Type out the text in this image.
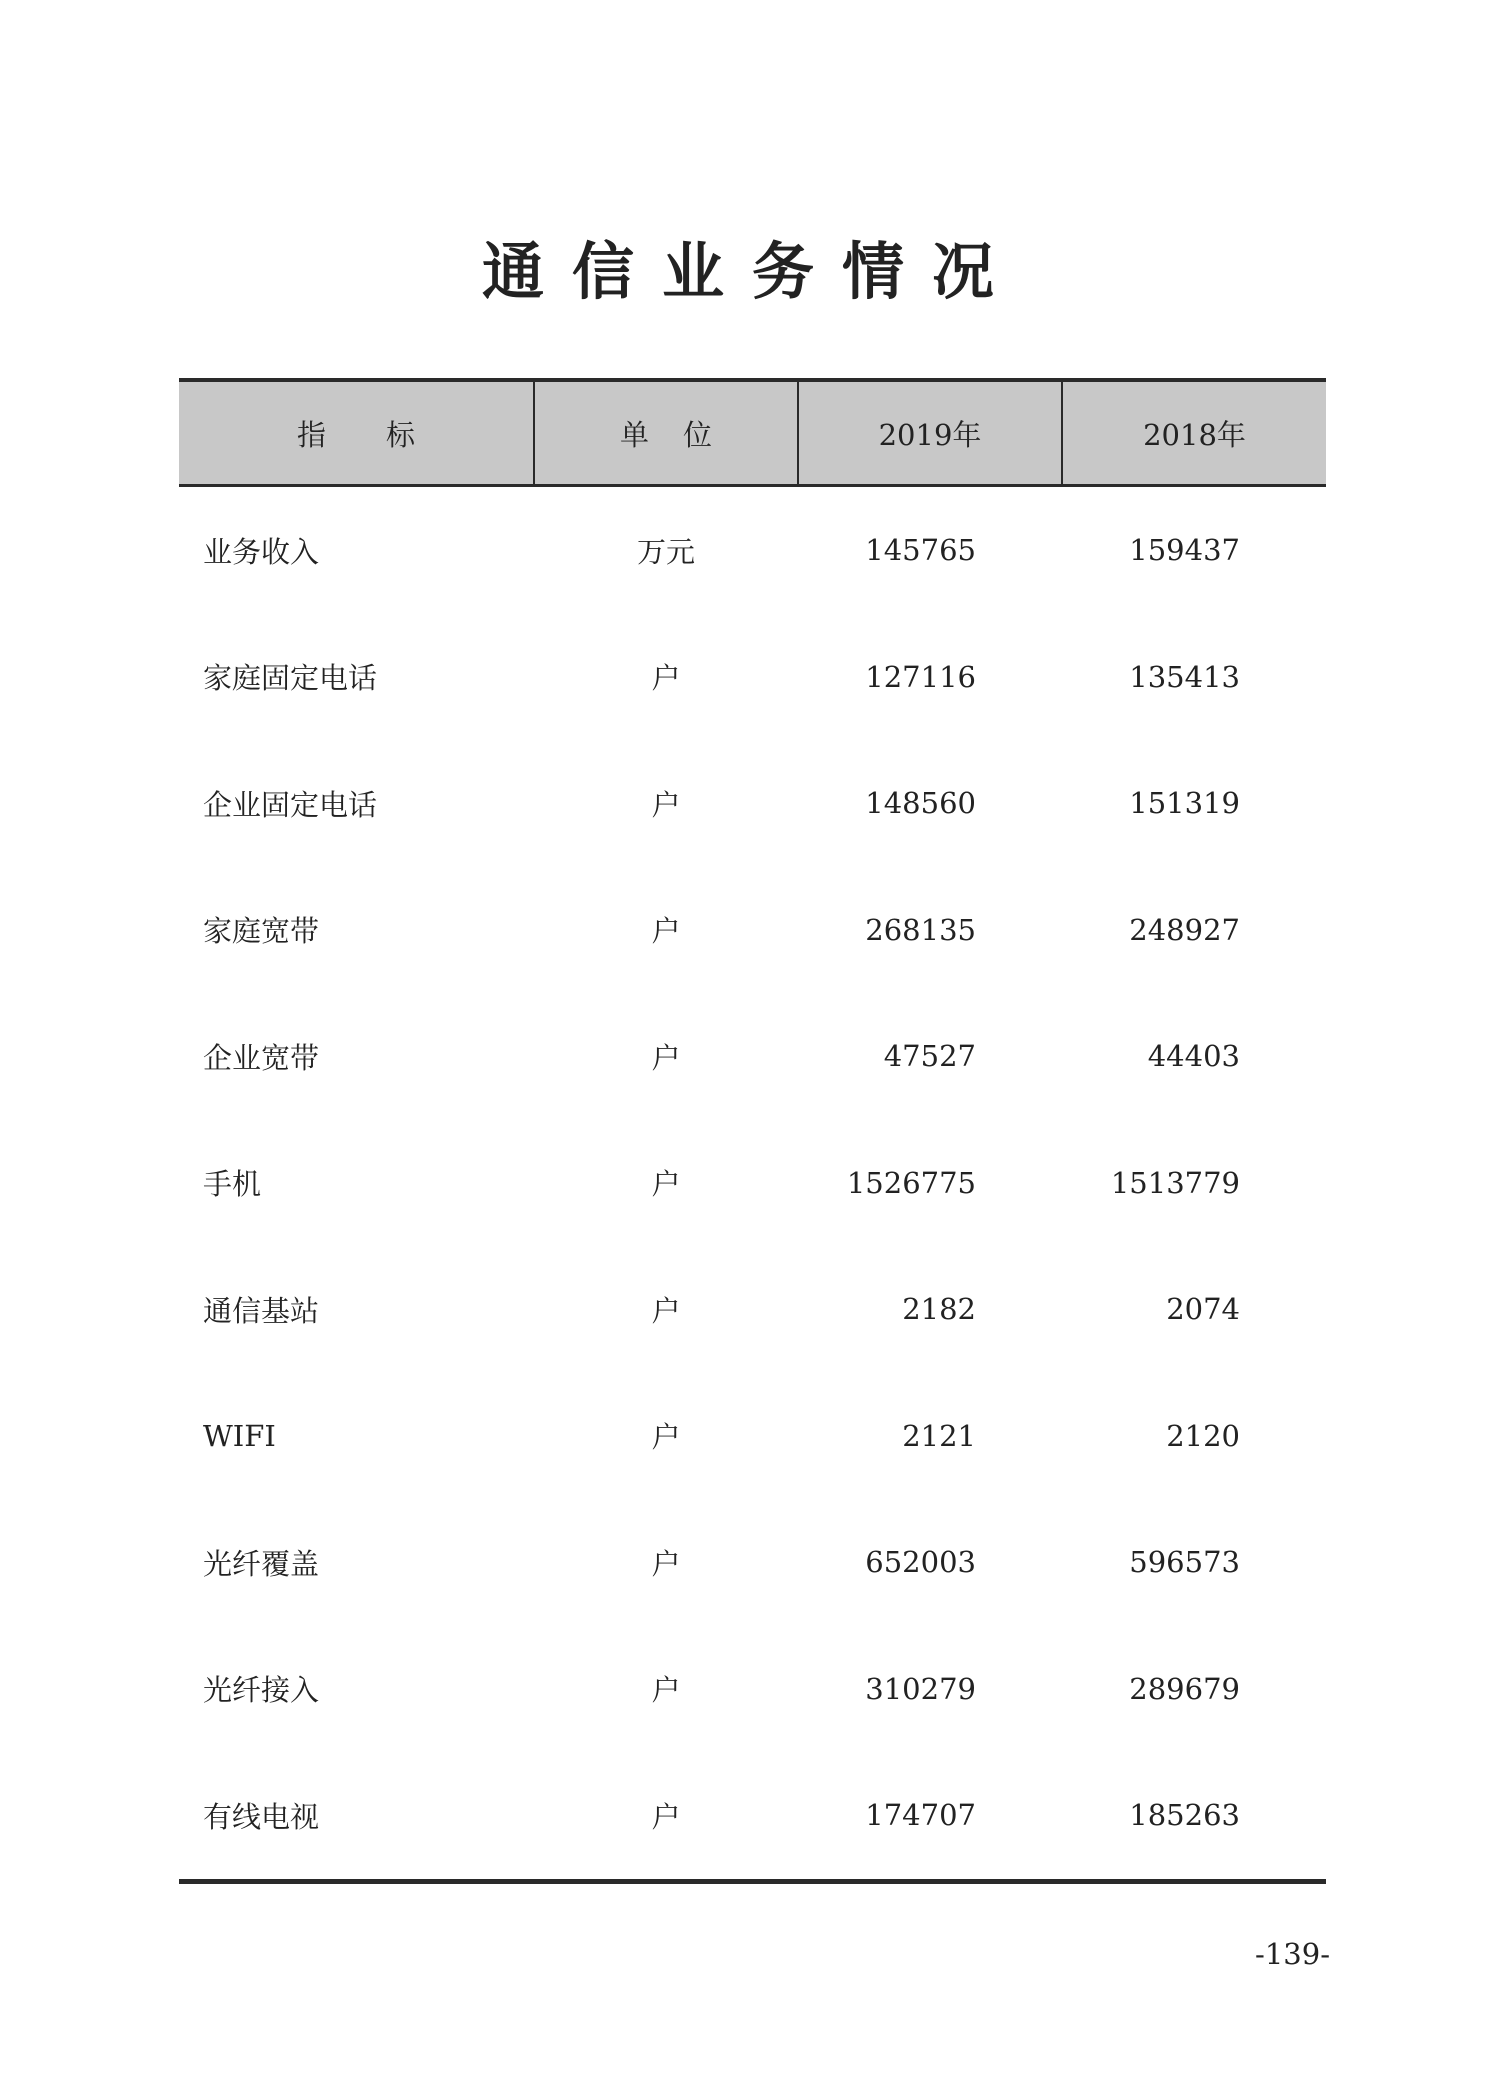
通信业务情况
指标	单位	2019年	2018年
业务收入	万元	145765	159437
家庭固定电话	户	127116	135413
企业固定电话	户	148560	151319
家庭宽带	户	268135	248927
企业宽带	户	47527	44403
手机	户	1526775	1513779
通信基站	户	2182	2074
WIFI	户	2121	2120
光纤覆盖	户	652003	596573
光纤接入	户	310279	289679
有线电视	户	174707	185263
-139-
